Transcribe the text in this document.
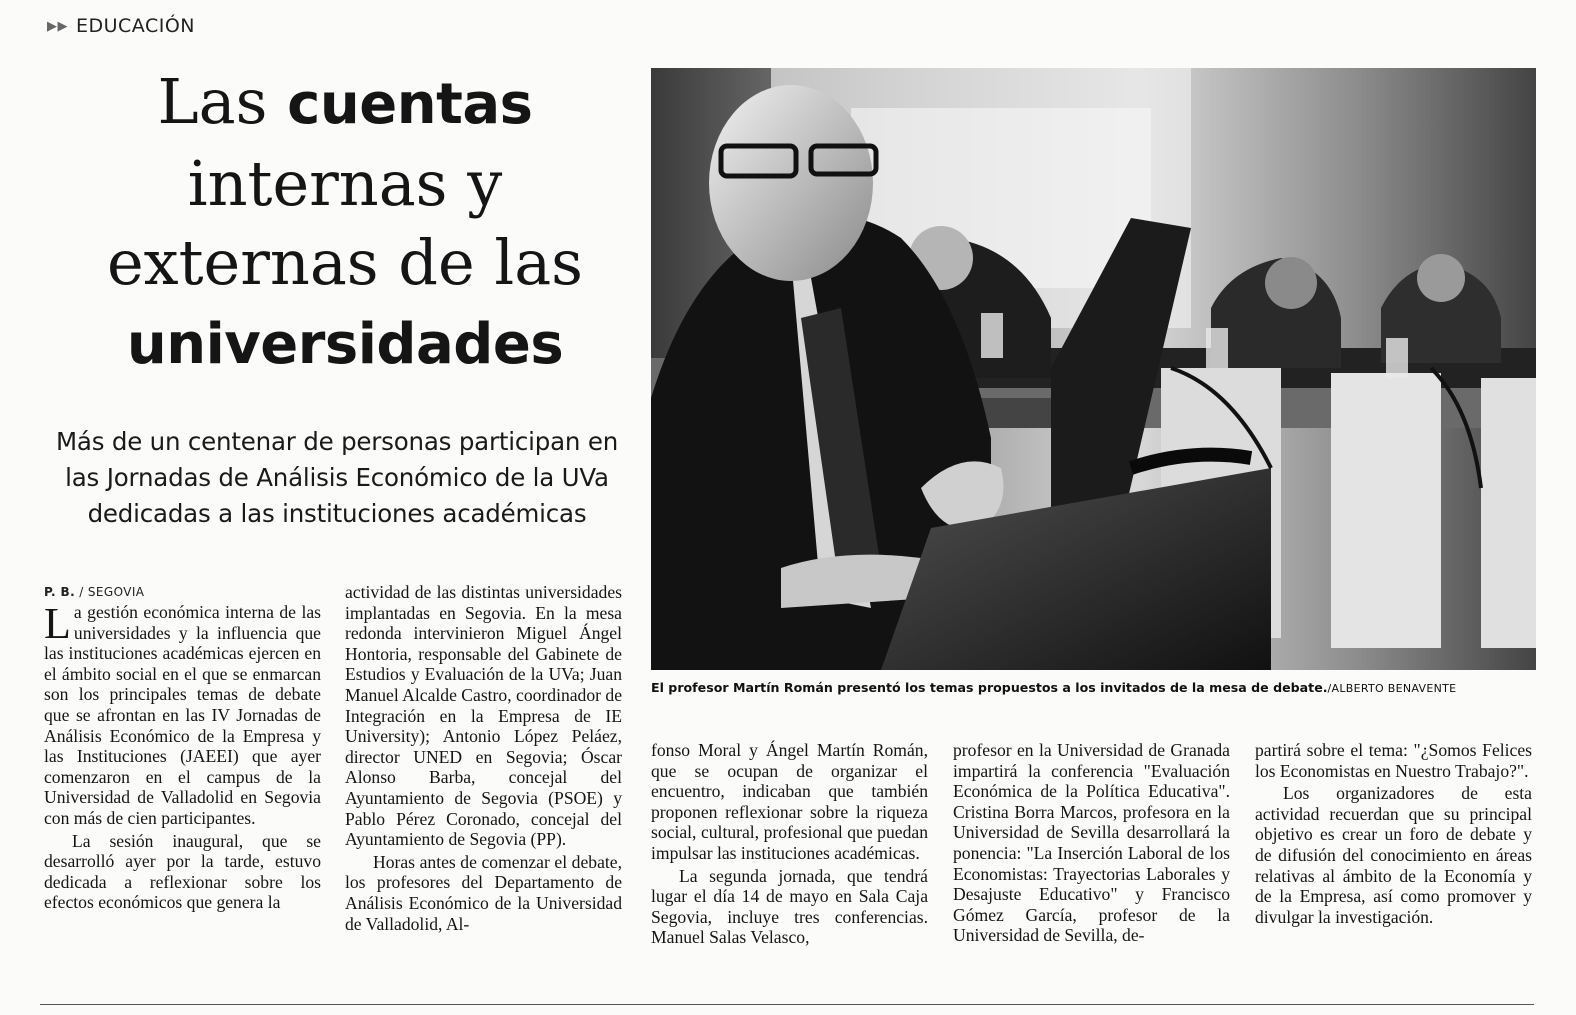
▶▶ EDUCACIÓN
Las cuentas
internas y
externas de las
universidades

Más de un centenar de personas participan en las Jornadas de Análisis Económico de la UVa dedicadas a las instituciones académicas

El profesor Martín Román presentó los temas propuestos a los invitados de la mesa de debate./ALBERTO BENAVENTE
P. B. / SEGOVIA

La gestión económica interna de las universidades y la influencia que las instituciones académicas ejercen en el ámbito social en el que se enmarcan son los principales temas de debate que se afrontan en las IV Jornadas de Análisis Económico de la Empresa y las Instituciones (JAEEI) que ayer comenzaron en el campus de la Universidad de Valladolid en Segovia con más de cien participantes.

La sesión inaugural, que se desarrolló ayer por la tarde, estuvo dedicada a reflexionar sobre los efectos económicos que genera la

actividad de las distintas universidades implantadas en Segovia. En la mesa redonda intervinieron Miguel Ángel Hontoria, responsable del Gabinete de Estudios y Evaluación de la UVa; Juan Manuel Alcalde Castro, coordinador de Integración en la Empresa de IE University); Antonio López Peláez, director UNED en Segovia; Óscar Alonso Barba, concejal del Ayuntamiento de Segovia (PSOE) y Pablo Pérez Coronado, concejal del Ayuntamiento de Segovia (PP).

Horas antes de comenzar el debate, los profesores del Departamento de Análisis Económico de la Universidad de Valladolid, Al-

fonso Moral y Ángel Martín Román, que se ocupan de organizar el encuentro, indicaban que también proponen reflexionar sobre la riqueza social, cultural, profesional que puedan impulsar las instituciones académicas.

La segunda jornada, que tendrá lugar el día 14 de mayo en Sala Caja Segovia, incluye tres conferencias. Manuel Salas Velasco,

profesor en la Universidad de Granada impartirá la conferencia "Evaluación Económica de la Política Educativa". Cristina Borra Marcos, profesora en la Universidad de Sevilla desarrollará la ponencia: "La Inserción Laboral de los Economistas: Trayectorias Laborales y Desajuste Educativo" y Francisco Gómez García, profesor de la Universidad de Sevilla, de-

partirá sobre el tema: "¿Somos Felices los Economistas en Nuestro Trabajo?".

Los organizadores de esta actividad recuerdan que su principal objetivo es crear un foro de debate y de difusión del conocimiento en áreas relativas al ámbito de la Economía y de la Empresa, así como promover y divulgar la investigación.
